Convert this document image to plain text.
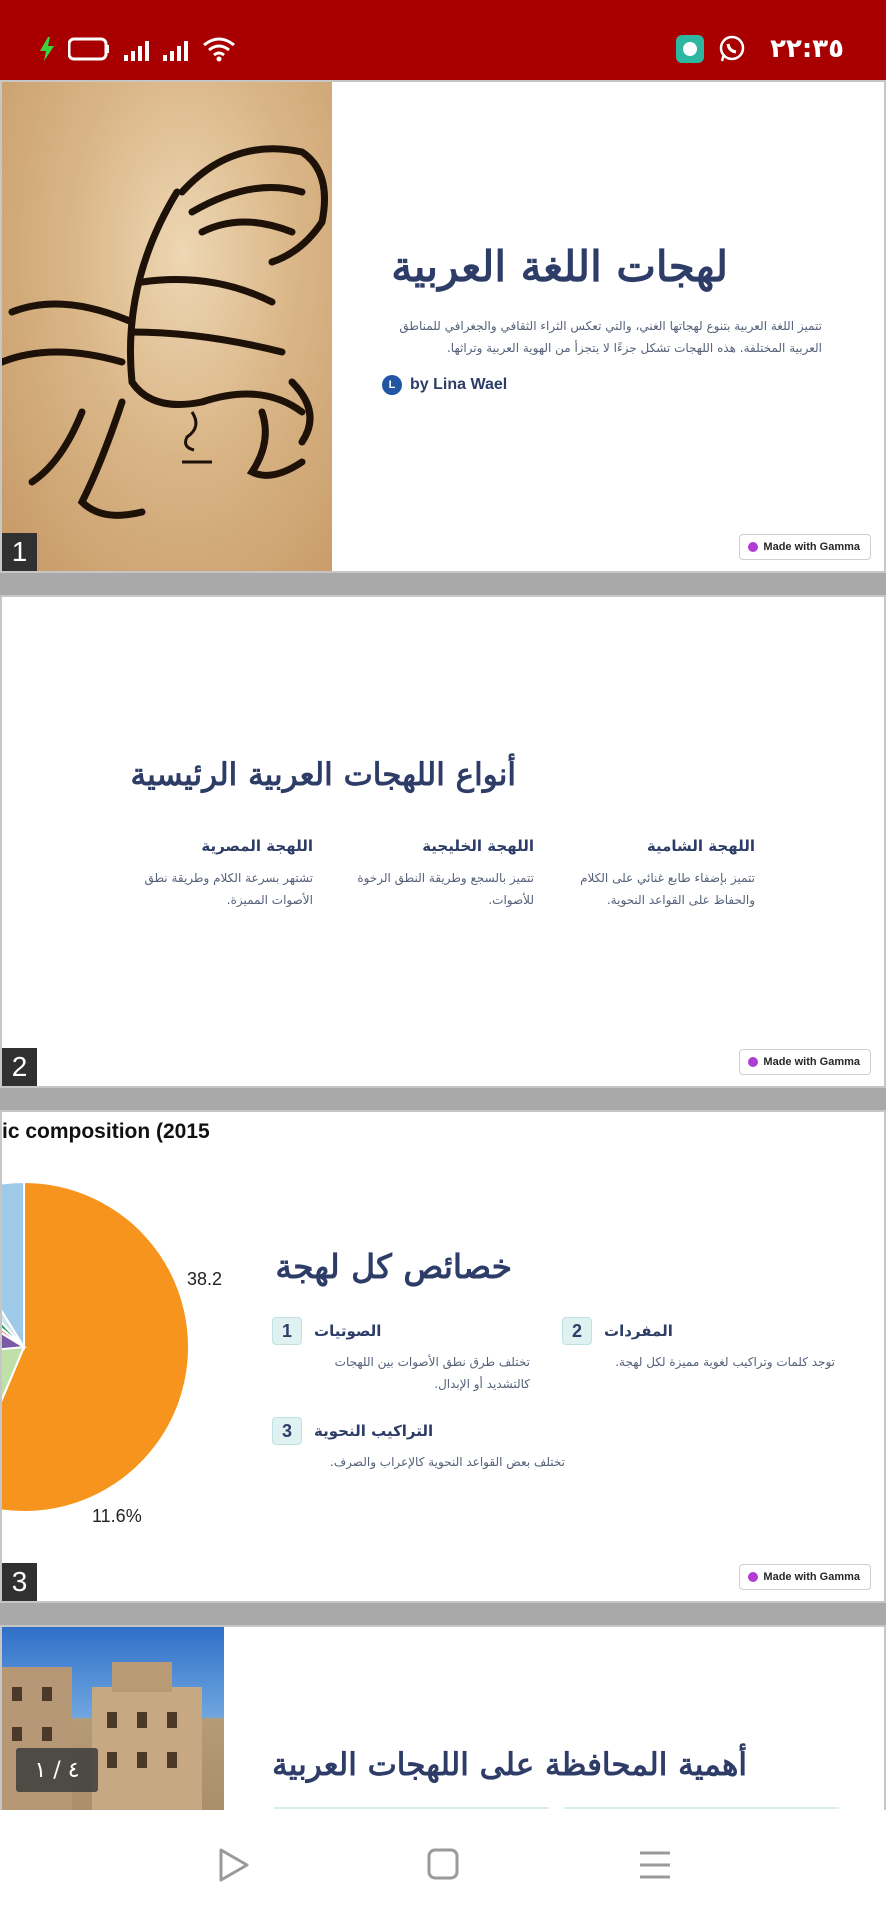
٢٢:٣٥
لهجات اللغة العربية
تتميز اللغة العربية بتنوع لهجاتها الغني، والتي تعكس الثراء الثقافي والجغرافي للمناطق العربية المختلفة. هذه اللهجات تشكل جزءًا لا يتجزأ من الهوية العربية وتراثها.
L by Lina Wael
Made with Gamma
1
أنواع اللهجات العربية الرئيسية
اللهجة الشامية
تتميز بإضفاء طابع غنائي على الكلام والحفاظ على القواعد النحوية.
اللهجة الخليجية
تتميز بالسجع وطريقة النطق الرخوة للأصوات.
اللهجة المصرية
تشتهر بسرعة الكلام وطريقة نطق الأصوات المميزة.
Made with Gamma
2
ic composition (2015
38.2
11.6%
خصائص كل لهجة
1	الصوتيات
تختلف طرق نطق الأصوات بين اللهجات كالتشديد أو الإبدال.
2	المفردات
توجد كلمات وتراكيب لغوية مميزة لكل لهجة.
3	التراكيب النحوية
تختلف بعض القواعد النحوية كالإعراب والصرف.
Made with Gamma
3
أهمية المحافظة على اللهجات العربية
٤ / ١
